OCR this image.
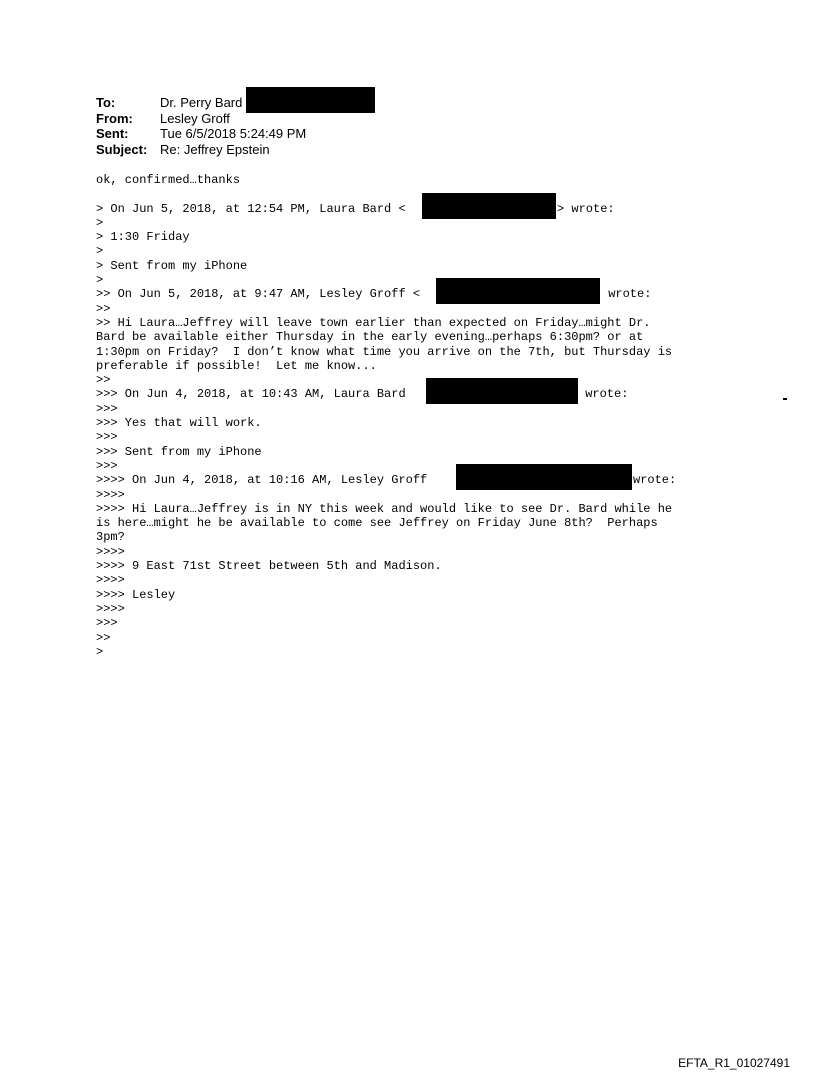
To:	Dr. Perry Bard
From:	Lesley Groff
Sent:	Tue 6/5/2018 5:24:49 PM
Subject: Re: Jeffrey Epstein
ok, confirmed…thanks
> On Jun 5, 2018, at 12:54 PM, Laura Bard <	> wrote:
>
> 1:30 Friday
>
> Sent from my iPhone
>
>> On Jun 5, 2018, at 9:47 AM, Lesley Groff <	wrote:
>>
>> Hi Laura…Jeffrey will leave town earlier than expected on Friday…might Dr.
Bard be available either Thursday in the early evening…perhaps 6:30pm? or at
1:30pm on Friday?  I don’t know what time you arrive on the 7th, but Thursday is
preferable if possible!  Let me know...
>>
>>> On Jun 4, 2018, at 10:43 AM, Laura Bard	wrote:
>>>
>>> Yes that will work.
>>>
>>> Sent from my iPhone
>>>
>>>> On Jun 4, 2018, at 10:16 AM, Lesley Groff	wrote:
>>>>
>>>> Hi Laura…Jeffrey is in NY this week and would like to see Dr. Bard while he
is here…might he be available to come see Jeffrey on Friday June 8th?  Perhaps
3pm?
>>>>
>>>> 9 East 71st Street between 5th and Madison.
>>>>
>>>> Lesley
>>>>
>>>
>>
>
EFTA_R1_01027491
